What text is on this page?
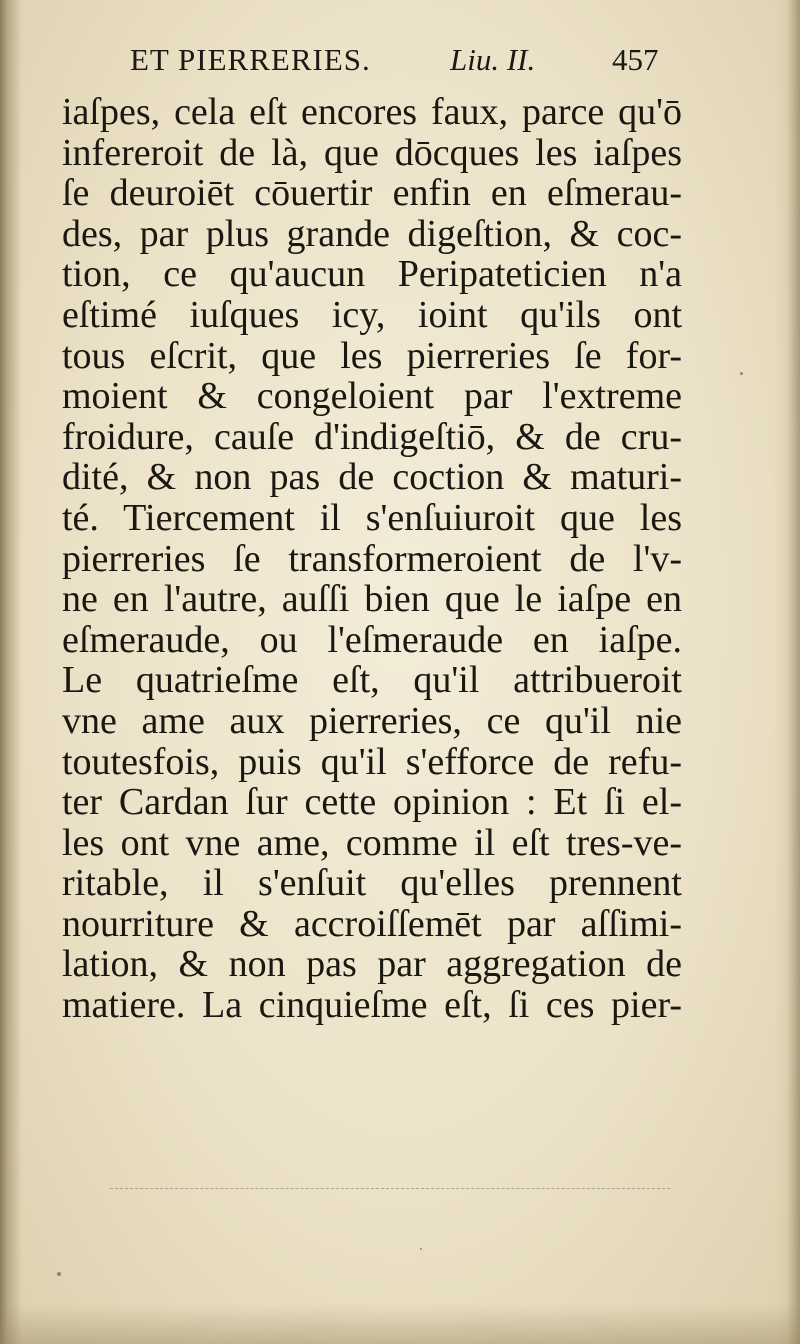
ET PIERRERIES.	Liu. II. 457
iaſpes, cela eſt encores faux, parce qu'ō
infereroit de là, que dōcques les iaſpes
ſe deuroiēt cōuertir enfin en eſmerau-
des, par plus grande digeſtion, & coc-
tion, ce qu'aucun Peripateticien n'a
eſtimé iuſques icy, ioint qu'ils ont
tous eſcrit, que les pierreries ſe for-
moient & congeloient par l'extreme
froidure, cauſe d'indigeſtiō, & de cru-
dité, & non pas de coction & maturi-
té. Tiercement il s'enſuiuroit que les
pierreries ſe transformeroient de l'v-
ne en l'autre, auſſi bien que le iaſpe en
eſmeraude, ou l'eſmeraude en iaſpe.
Le quatrieſme eſt, qu'il attribueroit
vne ame aux pierreries, ce qu'il nie
toutesfois, puis qu'il s'efforce de refu-
ter Cardan ſur cette opinion : Et ſi el-
les ont vne ame, comme il eſt tres-ve-
ritable, il s'enſuit qu'elles prennent
nourriture & accroiſſemēt par aſſimi-
lation, & non pas par aggregation de
matiere. La cinquieſme eſt, ſi ces pier-
